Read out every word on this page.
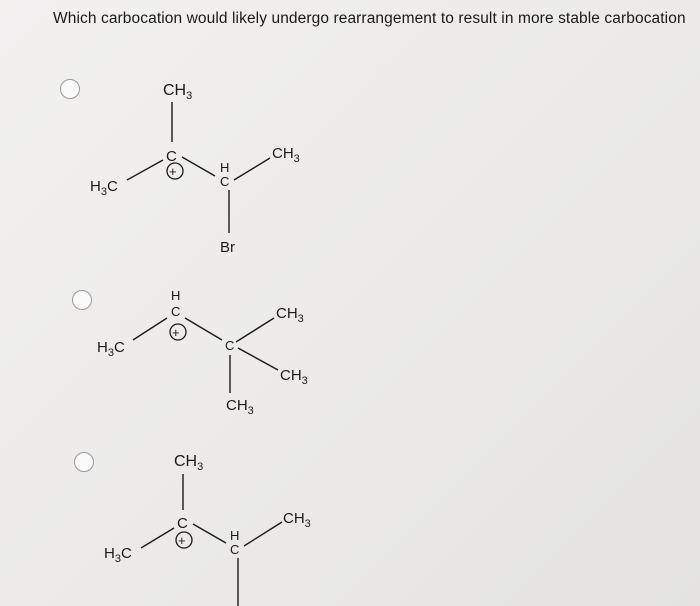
Which carbocation would likely undergo rearrangement to result in more stable carbocation
$CH_3$
C
+
$H_3C$
H
C
$CH_3$
Br
H
C
+
$H_3C$	C
$CH_3$
$CH_3$
$CH_3$
$CH_3$
C
+
$H_3C$
H
C
$CH_3$
